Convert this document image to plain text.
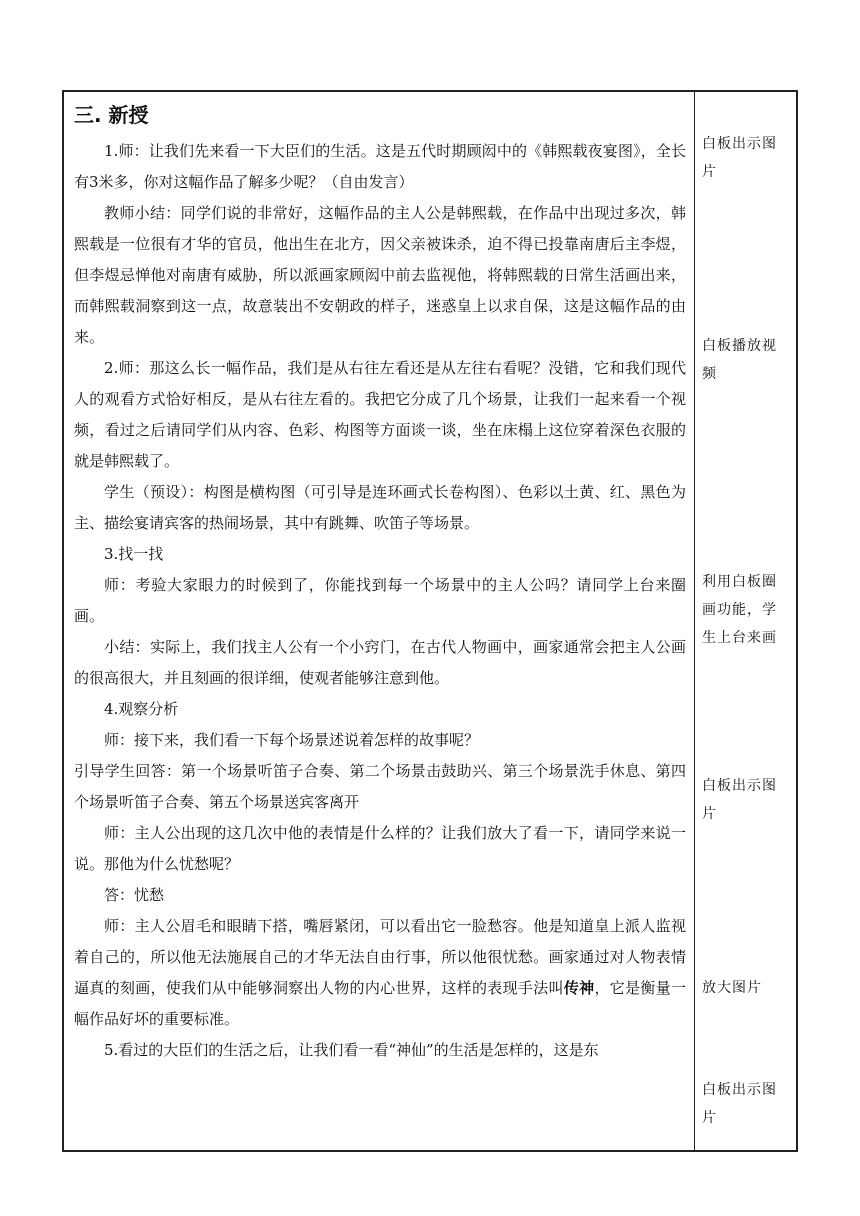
三. 新授

1.师：让我们先来看一下大臣们的生活。这是五代时期顾闳中的《韩熙载夜宴图》，全长有3米多，你对这幅作品了解多少呢？（自由发言）

教师小结：同学们说的非常好，这幅作品的主人公是韩熙载，在作品中出现过多次，韩熙载是一位很有才华的官员，他出生在北方，因父亲被诛杀，迫不得已投靠南唐后主李煜，但李煜忌惮他对南唐有威胁，所以派画家顾闳中前去监视他，将韩熙载的日常生活画出来，而韩熙载洞察到这一点，故意装出不安朝政的样子，迷惑皇上以求自保，这是这幅作品的由来。

2.师：那这么长一幅作品，我们是从右往左看还是从左往右看呢？没错，它和我们现代人的观看方式恰好相反，是从右往左看的。我把它分成了几个场景，让我们一起来看一个视频，看过之后请同学们从内容、色彩、构图等方面谈一谈，坐在床榻上这位穿着深色衣服的就是韩熙载了。

学生（预设）：构图是横构图（可引导是连环画式长卷构图）、色彩以土黄、红、黑色为主、描绘宴请宾客的热闹场景，其中有跳舞、吹笛子等场景。

3.找一找

师：考验大家眼力的时候到了，你能找到每一个场景中的主人公吗？请同学上台来圈画。

小结：实际上，我们找主人公有一个小窍门，在古代人物画中，画家通常会把主人公画的很高很大，并且刻画的很详细，使观者能够注意到他。

4.观察分析

师：接下来，我们看一下每个场景述说着怎样的故事呢？

引导学生回答：第一个场景听笛子合奏、第二个场景击鼓助兴、第三个场景洗手休息、第四个场景听笛子合奏、第五个场景送宾客离开

师：主人公出现的这几次中他的表情是什么样的？让我们放大了看一下，请同学来说一说。那他为什么忧愁呢？

答：忧愁

师：主人公眉毛和眼睛下搭，嘴唇紧闭，可以看出它一脸愁容。他是知道皇上派人监视着自己的，所以他无法施展自己的才华无法自由行事，所以他很忧愁。画家通过对人物表情逼真的刻画，使我们从中能够洞察出人物的内心世界，这样的表现手法叫传神，它是衡量一幅作品好坏的重要标准。

5.看过的大臣们的生活之后，让我们看一看“神仙”的生活是怎样的，这是东

白板出示图片

白板播放视频

利用白板圈画功能，学生上台来画

白板出示图片

放大图片

白板出示图片
